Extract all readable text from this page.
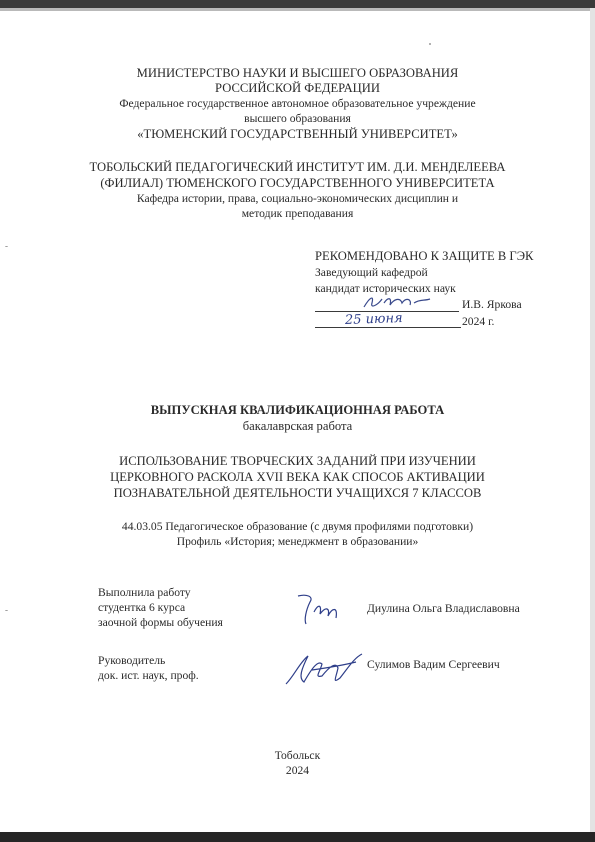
МИНИСТЕРСТВО НАУКИ И ВЫСШЕГО ОБРАЗОВАНИЯ
РОССИЙСКОЙ ФЕДЕРАЦИИ
Федеральное государственное автономное образовательное учреждение
высшего образования
«ТЮМЕНСКИЙ ГОСУДАРСТВЕННЫЙ УНИВЕРСИТЕТ»
ТОБОЛЬСКИЙ ПЕДАГОГИЧЕСКИЙ ИНСТИТУТ ИМ. Д.И. МЕНДЕЛЕЕВА
(ФИЛИАЛ) ТЮМЕНСКОГО ГОСУДАРСТВЕННОГО УНИВЕРСИТЕТА
Кафедра истории, права, социально-экономических дисциплин и
методик преподавания
РЕКОМЕНДОВАНО К ЗАЩИТЕ В ГЭК
Заведующий кафедрой
кандидат исторических наук
И.В. Яркова
25 июня	2024 г.
ВЫПУСКНАЯ КВАЛИФИКАЦИОННАЯ РАБОТА
бакалаврская работа
ИСПОЛЬЗОВАНИЕ ТВОРЧЕСКИХ ЗАДАНИЙ ПРИ ИЗУЧЕНИИ
ЦЕРКОВНОГО РАСКОЛА XVII ВЕКА КАК СПОСОБ АКТИВАЦИИ
ПОЗНАВАТЕЛЬНОЙ ДЕЯТЕЛЬНОСТИ УЧАЩИХСЯ 7 КЛАССОВ
44.03.05 Педагогическое образование (с двумя профилями подготовки)
Профиль «История; менеджмент в образовании»
Выполнила работу
студентка 6 курса
заочной формы обучения
Диулина Ольга Владиславовна
Руководитель
док. ист. наук, проф.
Сулимов Вадим Сергеевич
Тобольск
2024
